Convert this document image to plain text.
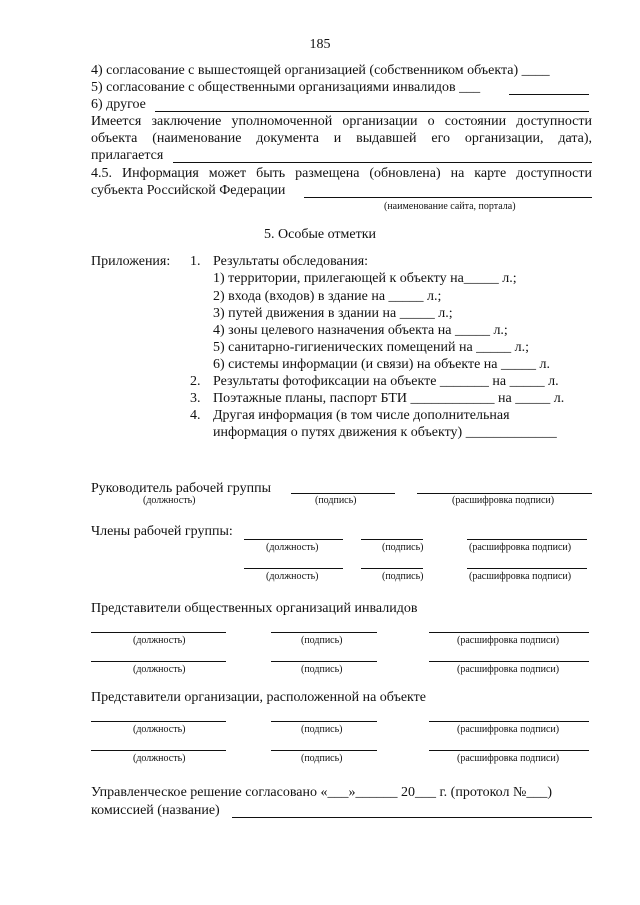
185
4) согласование с вышестоящей организацией (собственником объекта) ____
5) согласование с общественными организациями инвалидов ___
6) другое
Имеется заключение уполномоченной организации о состоянии доступности
объекта (наименование документа и выдавшей его организации, дата),
прилагается
4.5. Информация может быть размещена (обновлена) на карте доступности
субъекта Российской Федерации
(наименование сайта, портала)
5. Особые отметки
Приложения: 1. Результаты обследования:
1) территории, прилегающей к объекту на_____ л.;
2) входа (входов) в здание на _____ л.;
3) путей движения в здании на _____ л.;
4) зоны целевого назначения объекта на _____ л.;
5) санитарно-гигиенических помещений на _____ л.;
6) системы информации (и связи) на объекте на _____ л.
2. Результаты фотофиксации на объекте _______ на _____ л.
3. Поэтажные планы, паспорт БТИ ____________ на _____ л.
4. Другая информация (в том числе дополнительная
информация о путях движения к объекту) _____________
Руководитель рабочей группы
(должность)	(подпись)	(расшифровка подписи)
Члены рабочей группы:
(должность)	(подпись)	(расшифровка подписи)
(должность)	(подпись)	(расшифровка подписи)
Представители общественных организаций инвалидов
(должность)	(подпись)	(расшифровка подписи)
(должность)	(подпись)	(расшифровка подписи)
Представители организации, расположенной на объекте
(должность)	(подпись)	(расшифровка подписи)
(должность)	(подпись)	(расшифровка подписи)
Управленческое решение согласовано «___»______ 20___ г. (протокол №___)
комиссией (название)
